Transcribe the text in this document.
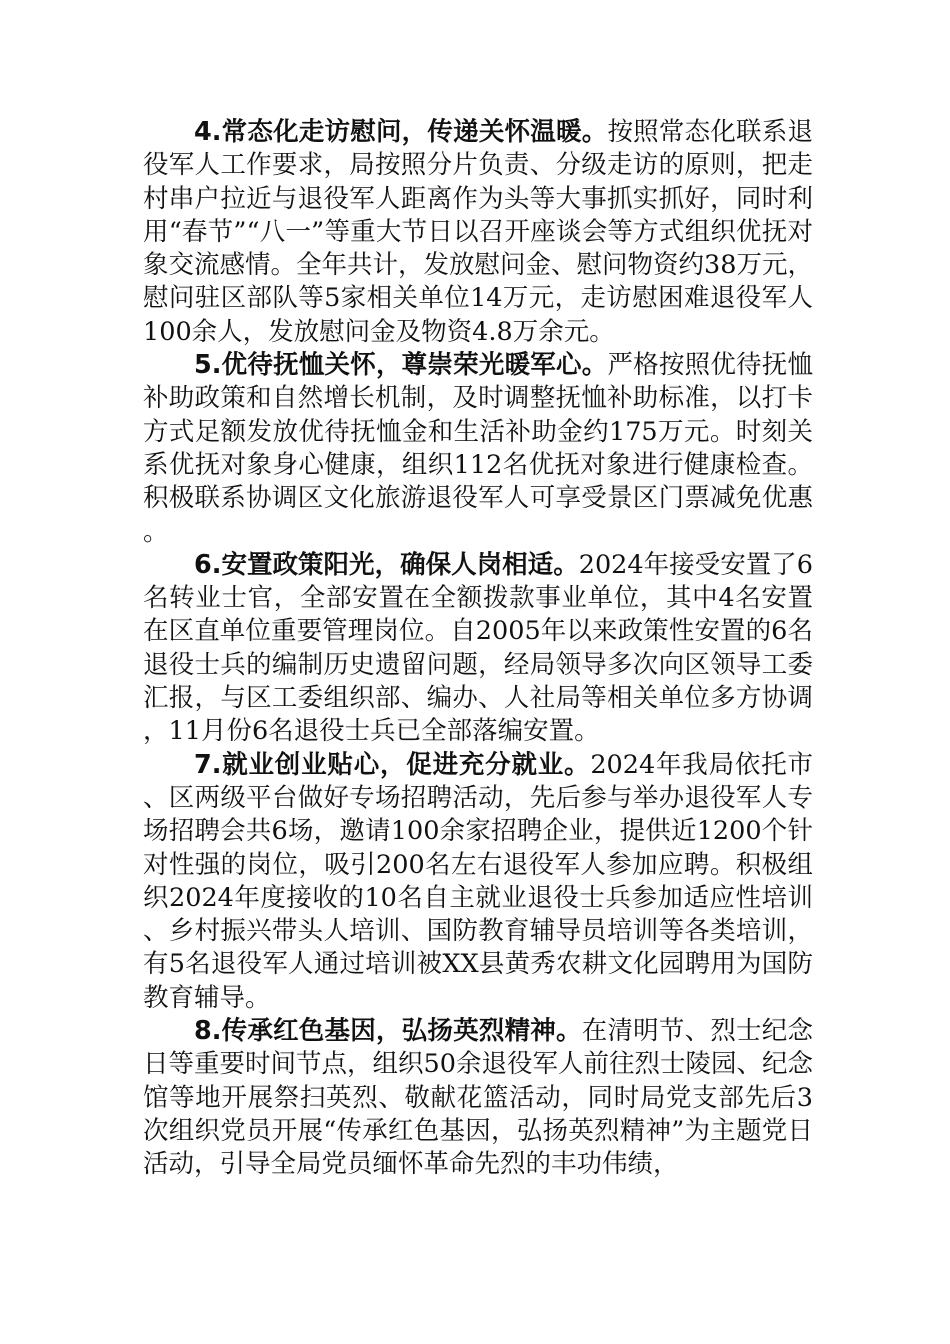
4.常态化走访慰问，传递关怀温暖。按照常态化联系退役军人工作要求，局按照分片负责、分级走访的原则，把走村串户拉近与退役军人距离作为头等大事抓实抓好，同时利用“春节”“八一”等重大节日以召开座谈会等方式组织优抚对象交流感情。全年共计，发放慰问金、慰问物资约38万元，慰问驻区部队等5家相关单位14万元，走访慰困难退役军人100余人，发放慰问金及物资4.8万余元。

5.优待抚恤关怀，尊崇荣光暖军心。严格按照优待抚恤补助政策和自然增长机制，及时调整抚恤补助标准，以打卡方式足额发放优待抚恤金和生活补助金约175万元。时刻关系优抚对象身心健康，组织112名优抚对象进行健康检查。积极联系协调区文化旅游退役军人可享受景区门票减免优惠。

6.安置政策阳光，确保人岗相适。2024年接受安置了6名转业士官，全部安置在全额拨款事业单位，其中4名安置在区直单位重要管理岗位。自2005年以来政策性安置的6名退役士兵的编制历史遗留问题，经局领导多次向区领导工委汇报，与区工委组织部、编办、人社局等相关单位多方协调，11月份6名退役士兵已全部落编安置。

7.就业创业贴心，促进充分就业。2024年我局依托市、区两级平台做好专场招聘活动，先后参与举办退役军人专场招聘会共6场，邀请100余家招聘企业，提供近1200个针对性强的岗位，吸引200名左右退役军人参加应聘。积极组织2024年度接收的10名自主就业退役士兵参加适应性培训、乡村振兴带头人培训、国防教育辅导员培训等各类培训，有5名退役军人通过培训被XX县黄秀农耕文化园聘用为国防教育辅导。

8.传承红色基因，弘扬英烈精神。在清明节、烈士纪念日等重要时间节点，组织50余退役军人前往烈士陵园、纪念馆等地开展祭扫英烈、敬献花篮活动，同时局党支部先后3次组织党员开展“传承红色基因，弘扬英烈精神”为主题党日活动，引导全局党员缅怀革命先烈的丰功伟绩，
